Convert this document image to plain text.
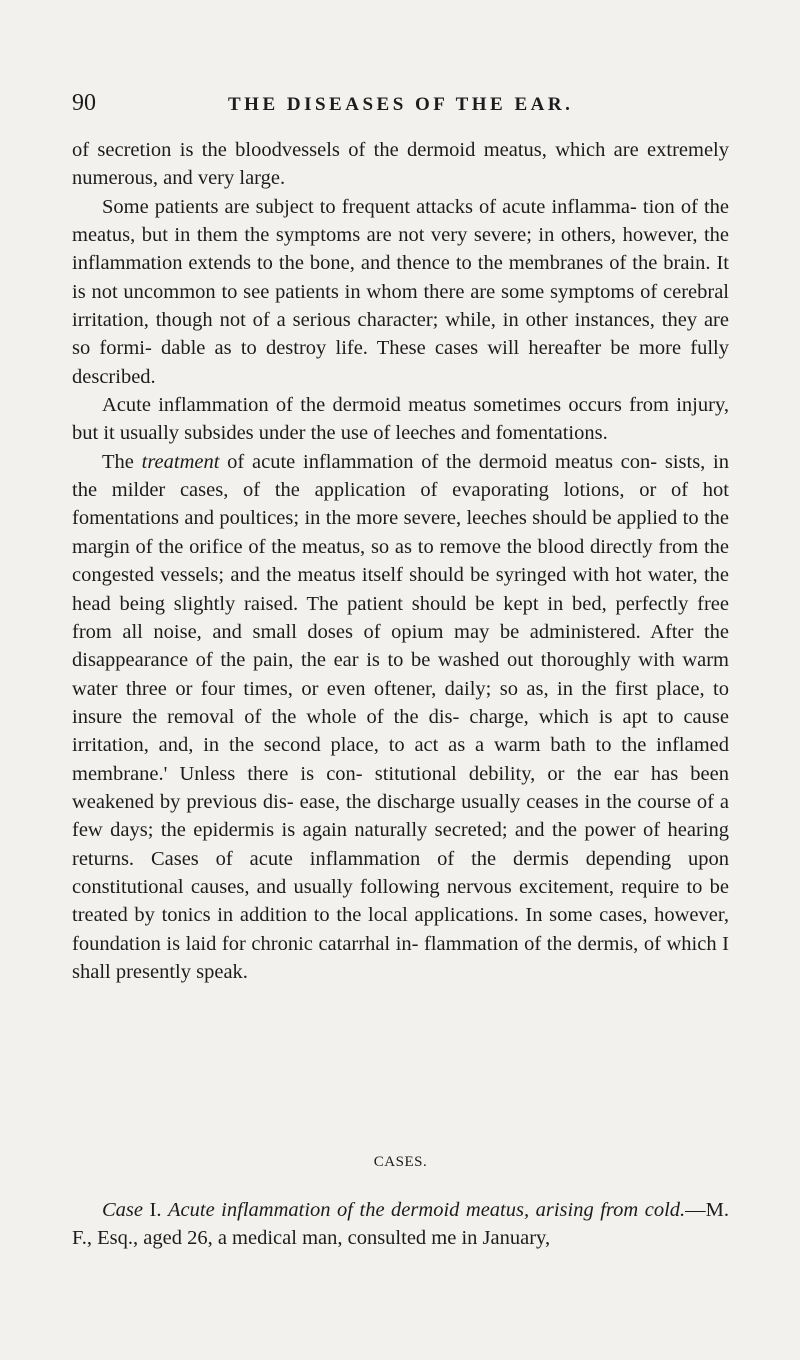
90	THE DISEASES OF THE EAR.

of secretion is the bloodvessels of the dermoid meatus, which are extremely numerous, and very large.

Some patients are subject to frequent attacks of acute inflamma- tion of the meatus, but in them the symptoms are not very severe; in others, however, the inflammation extends to the bone, and thence to the membranes of the brain. It is not uncommon to see patients in whom there are some symptoms of cerebral irritation, though not of a serious character; while, in other instances, they are so formi- dable as to destroy life. These cases will hereafter be more fully described.

Acute inflammation of the dermoid meatus sometimes occurs from injury, but it usually subsides under the use of leeches and fomentations.

The treatment of acute inflammation of the dermoid meatus con- sists, in the milder cases, of the application of evaporating lotions, or of hot fomentations and poultices; in the more severe, leeches should be applied to the margin of the orifice of the meatus, so as to remove the blood directly from the congested vessels; and the meatus itself should be syringed with hot water, the head being slightly raised. The patient should be kept in bed, perfectly free from all noise, and small doses of opium may be administered. After the disappearance of the pain, the ear is to be washed out thoroughly with warm water three or four times, or even oftener, daily; so as, in the first place, to insure the removal of the whole of the dis- charge, which is apt to cause irritation, and, in the second place, to act as a warm bath to the inflamed membrane.' Unless there is con- stitutional debility, or the ear has been weakened by previous dis- ease, the discharge usually ceases in the course of a few days; the epidermis is again naturally secreted; and the power of hearing returns. Cases of acute inflammation of the dermis depending upon constitutional causes, and usually following nervous excitement, require to be treated by tonics in addition to the local applications. In some cases, however, foundation is laid for chronic catarrhal in- flammation of the dermis, of which I shall presently speak.

CASES.

Case I. Acute inflammation of the dermoid meatus, arising from cold.—M. F., Esq., aged 26, a medical man, consulted me in January,
